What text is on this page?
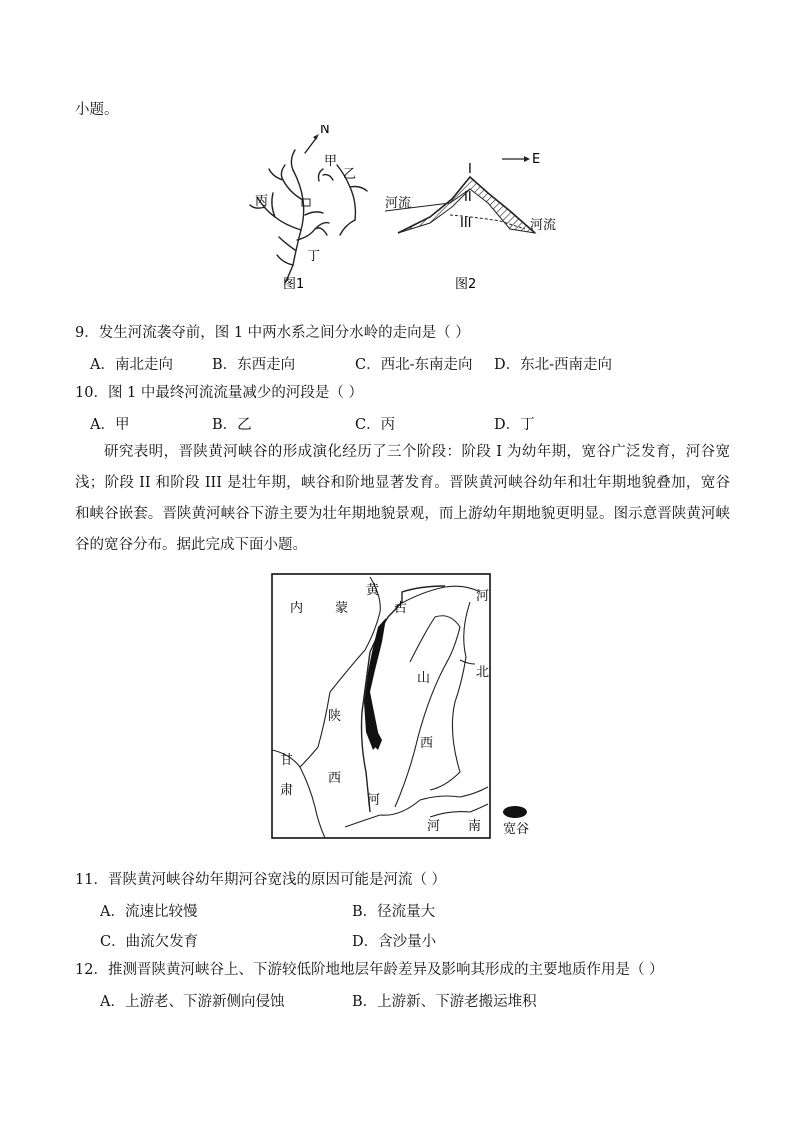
小题。
N
甲
乙
丙
丁
图1
E
I
II
III
河流
河流
图2
9．发生河流袭夺前，图 1 中两水系之间分水岭的走向是（ ）
A．南北走向	B．东西走向	C．西北-东南走向 D．东北-西南走向
10．图 1 中最终河流流量减少的河段是（ ）
A．甲	B．乙	C．丙	D．丁
研究表明，晋陕黄河峡谷的形成演化经历了三个阶段：阶段 I 为幼年期，宽谷广泛发育，河谷宽浅；阶段 II 和阶段 III 是壮年期，峡谷和阶地显著发育。晋陕黄河峡谷幼年和壮年期地貌叠加，宽谷和峡谷嵌套。晋陕黄河峡谷下游主要为壮年期地貌景观，而上游幼年期地貌更明显。图示意晋陕黄河峡谷的宽谷分布。据此完成下面小题。
黄
内 蒙	古
河
北
山
陕
西
甘
肃
西
河
河 南 宽谷
11．晋陕黄河峡谷幼年期河谷宽浅的原因可能是河流（ ）
A．流速比较慢	B．径流量大
C．曲流欠发育	D．含沙量小
12．推测晋陕黄河峡谷上、下游较低阶地地层年龄差异及影响其形成的主要地质作用是（ ）
A．上游老、下游新侧向侵蚀	B．上游新、下游老搬运堆积
